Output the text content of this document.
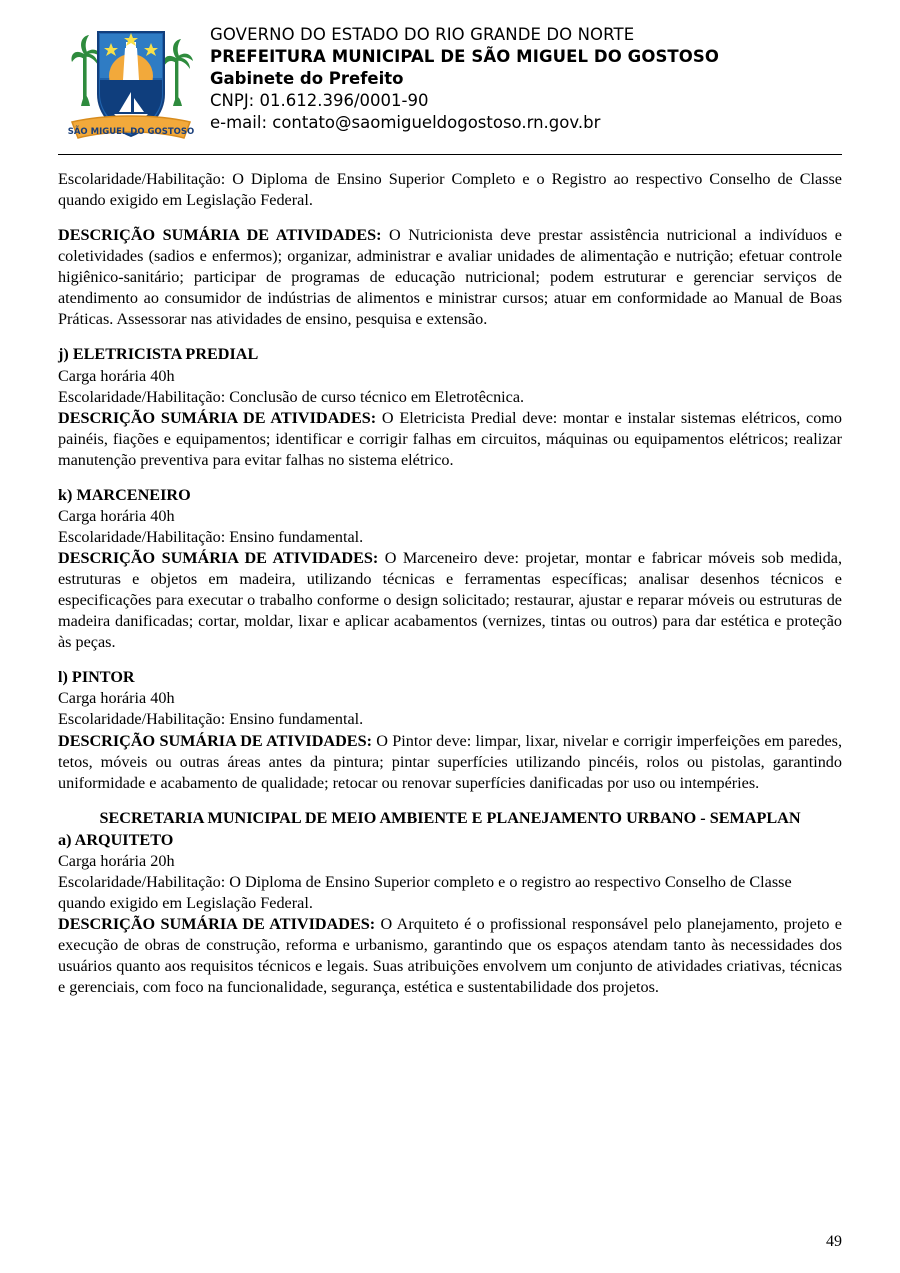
SÃO MIGUEL DO GOSTOSO
GOVERNO DO ESTADO DO RIO GRANDE DO NORTE
PREFEITURA MUNICIPAL DE SÃO MIGUEL DO GOSTOSO
Gabinete do Prefeito
CNPJ: 01.612.396/0001-90
e-mail: contato@saomigueldogostoso.rn.gov.br

Escolaridade/Habilitação: O Diploma de Ensino Superior Completo e o Registro ao respectivo Conselho de Classe quando exigido em Legislação Federal.

DESCRIÇÃO SUMÁRIA DE ATIVIDADES: O Nutricionista deve prestar assistência nutricional a indivíduos e coletividades (sadios e enfermos); organizar, administrar e avaliar unidades de alimentação e nutrição; efetuar controle higiênico-sanitário; participar de programas de educação nutricional; podem estruturar e gerenciar serviços de atendimento ao consumidor de indústrias de alimentos e ministrar cursos; atuar em conformidade ao Manual de Boas Práticas. Assessorar nas atividades de ensino, pesquisa e extensão.

j) ELETRICISTA PREDIAL

Carga horária 40h

Escolaridade/Habilitação: Conclusão de curso técnico em Eletrotêcnica.

DESCRIÇÃO SUMÁRIA DE ATIVIDADES: O Eletricista Predial deve: montar e instalar sistemas elétricos, como painéis, fiações e equipamentos; identificar e corrigir falhas em circuitos, máquinas ou equipamentos elétricos; realizar manutenção preventiva para evitar falhas no sistema elétrico.

k) MARCENEIRO

Carga horária 40h

Escolaridade/Habilitação: Ensino fundamental.

DESCRIÇÃO SUMÁRIA DE ATIVIDADES: O Marceneiro deve: projetar, montar e fabricar móveis sob medida, estruturas e objetos em madeira, utilizando técnicas e ferramentas específicas; analisar desenhos técnicos e especificações para executar o trabalho conforme o design solicitado; restaurar, ajustar e reparar móveis ou estruturas de madeira danificadas; cortar, moldar, lixar e aplicar acabamentos (vernizes, tintas ou outros) para dar estética e proteção às peças.

l) PINTOR

Carga horária 40h

Escolaridade/Habilitação: Ensino fundamental.

DESCRIÇÃO SUMÁRIA DE ATIVIDADES: O Pintor deve: limpar, lixar, nivelar e corrigir imperfeições em paredes, tetos, móveis ou outras áreas antes da pintura; pintar superfícies utilizando pincéis, rolos ou pistolas, garantindo uniformidade e acabamento de qualidade; retocar ou renovar superfícies danificadas por uso ou intempéries.

SECRETARIA MUNICIPAL DE MEIO AMBIENTE E PLANEJAMENTO URBANO - SEMAPLAN

a) ARQUITETO

Carga horária 20h

Escolaridade/Habilitação: O Diploma de Ensino Superior completo e o registro ao respectivo Conselho de Classe quando exigido em Legislação Federal.

DESCRIÇÃO SUMÁRIA DE ATIVIDADES: O Arquiteto é o profissional responsável pelo planejamento, projeto e execução de obras de construção, reforma e urbanismo, garantindo que os espaços atendam tanto às necessidades dos usuários quanto aos requisitos técnicos e legais. Suas atribuições envolvem um conjunto de atividades criativas, técnicas e gerenciais, com foco na funcionalidade, segurança, estética e sustentabilidade dos projetos.

49
